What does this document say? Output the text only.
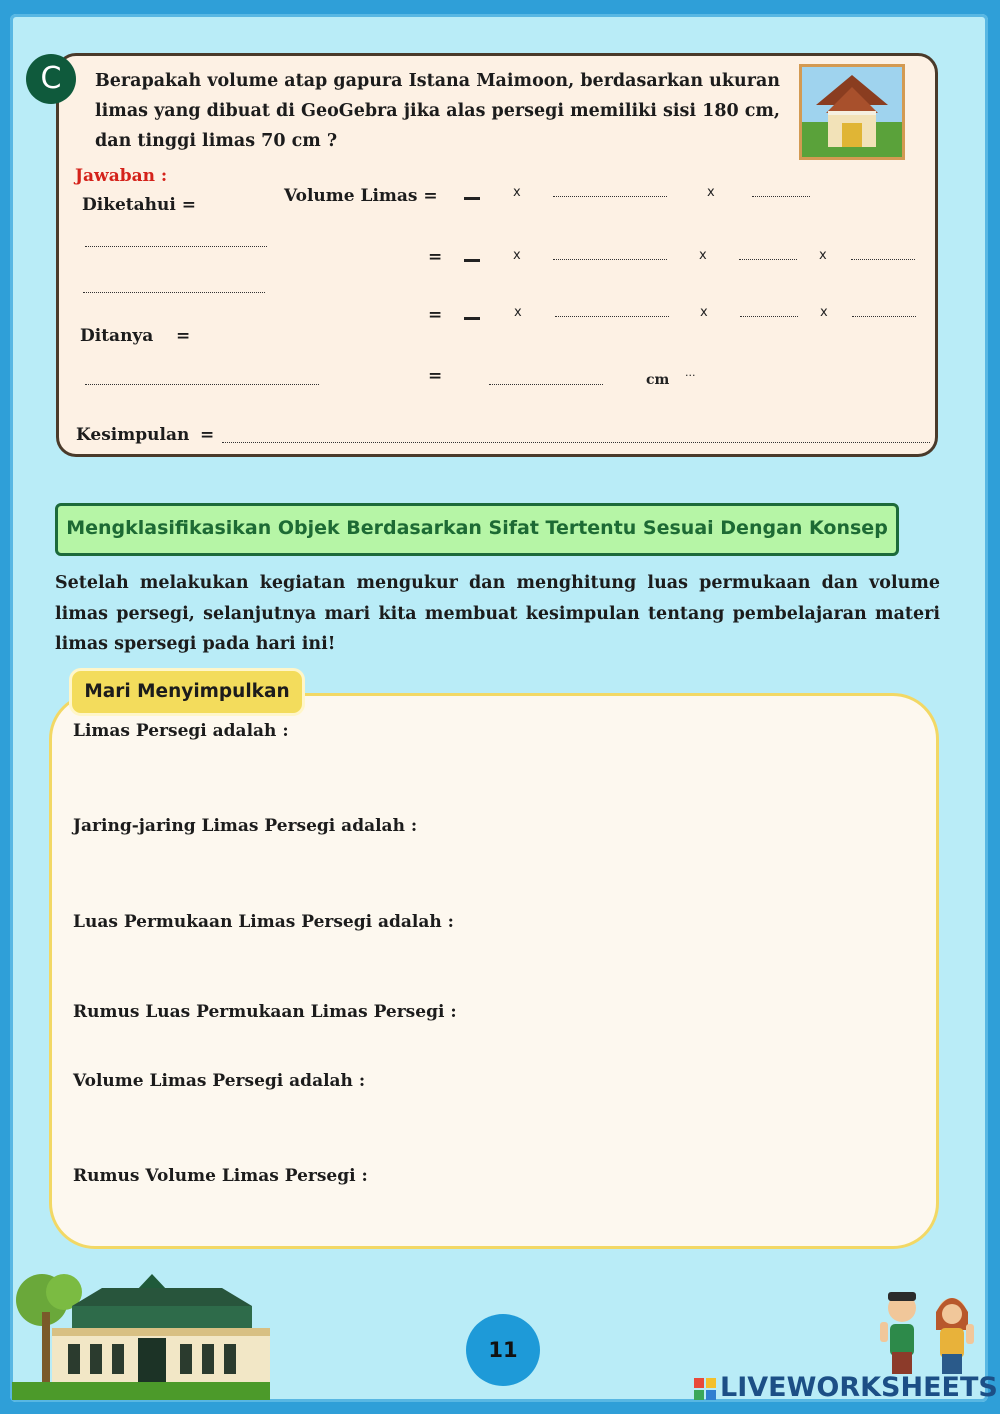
C	Berapakah volume atap gapura Istana Maimoon, berdasarkan ukuran limas yang dibuat di GeoGebra jika alas persegi memiliki sisi 180 cm, dan tinggi limas 70 cm ?
Jawaban :
Diketahui =
Ditanya =
Volume Limas =	x	x
=	x	x	x
=	x	x	x
=	cm ...
Kesimpulan =
Mengklasifikasikan Objek Berdasarkan Sifat Tertentu Sesuai Dengan Konsep
Setelah melakukan kegiatan mengukur dan menghitung luas permukaan dan volume limas persegi, selanjutnya mari kita membuat kesimpulan tentang pembelajaran materi limas spersegi pada hari ini!
Mari Menyimpulkan
Limas Persegi adalah :
Jaring-jaring Limas Persegi adalah :
Luas Permukaan Limas Persegi adalah :
Rumus Luas Permukaan Limas Persegi :
Volume Limas Persegi adalah :
Rumus Volume Limas Persegi :
11
LIVEWORKSHEETS
